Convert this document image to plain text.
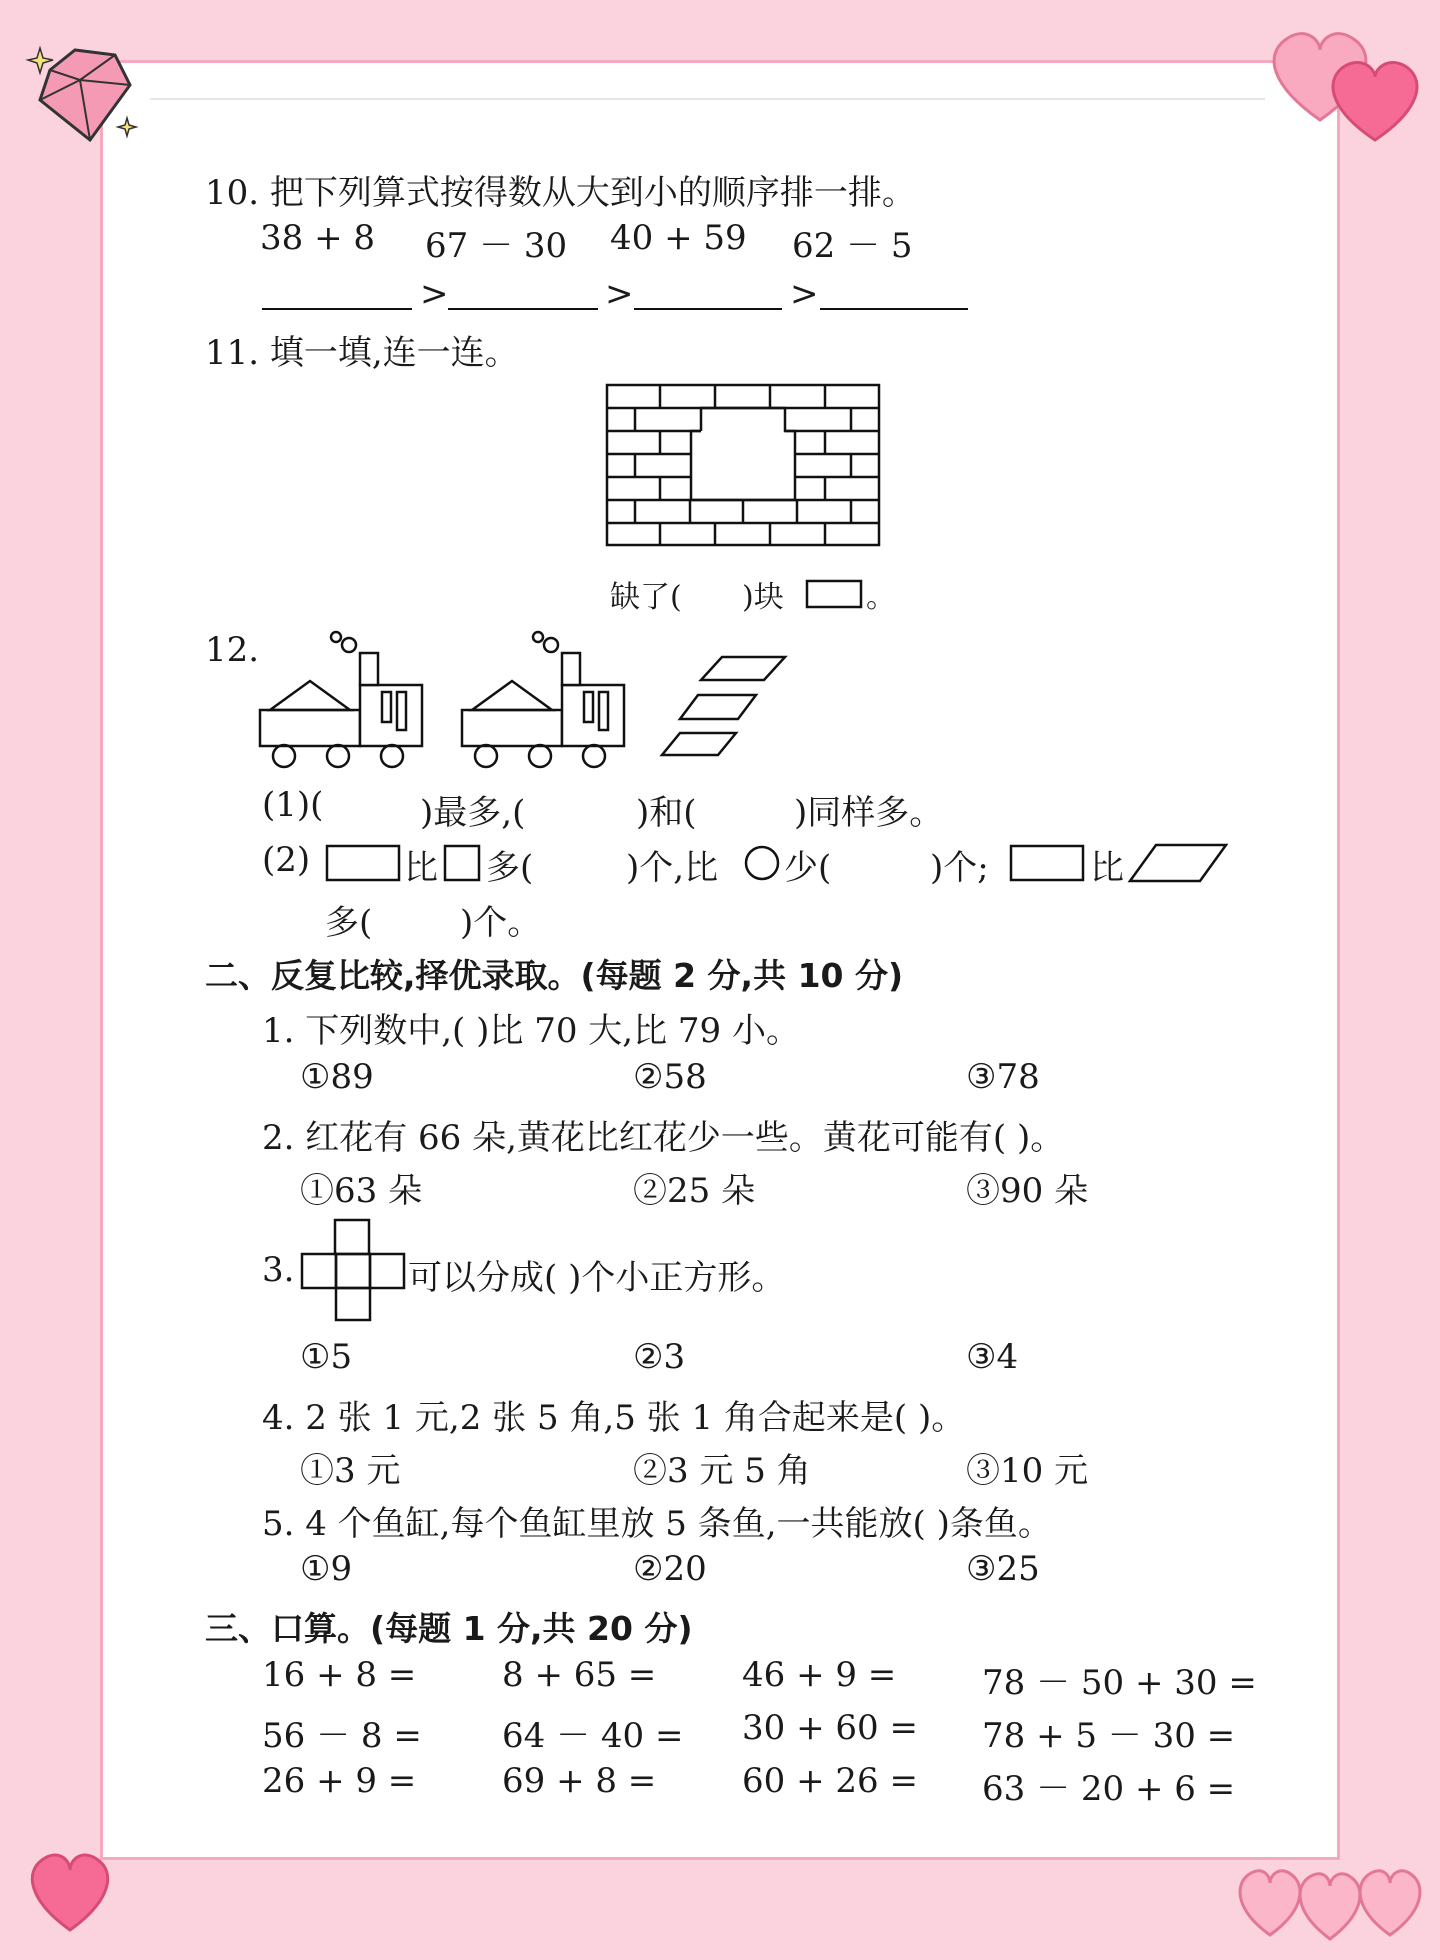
10. 把下列算式按得数从大到小的顺序排一排。
38 + 8 67 － 30 40 + 59 62 － 5
>	>	>
11. 填一填,连一连。
缺了( )块	。
12.
(1)(	)最多,(	)和(	)同样多。
(2)	比 多(	)个,比 少(	)个;	比
多(	)个。
二、反复比较,择优录取。(每题 2 分,共 10 分)
1. 下列数中,( )比 70 大,比 79 小。
①89	②58	③78
2. 红花有 66 朵,黄花比红花少一些。黄花可能有( )。
①63 朵	②25 朵	③90 朵
3.	可以分成( )个小正方形。
①5	②3	③4
4. 2 张 1 元,2 张 5 角,5 张 1 角合起来是( )。
①3 元	②3 元 5 角	③10 元
5. 4 个鱼缸,每个鱼缸里放 5 条鱼,一共能放( )条鱼。
①9	②20	③25
三、口算。(每题 1 分,共 20 分)
16 + 8 =	8 + 65 =	46 + 9 =	78 － 50 + 30 =
56 － 8 = 64 － 40 = 30 + 60 = 78 + 5 － 30 =
26 + 9 =	69 + 8 =	60 + 26 = 63 － 20 + 6 =
